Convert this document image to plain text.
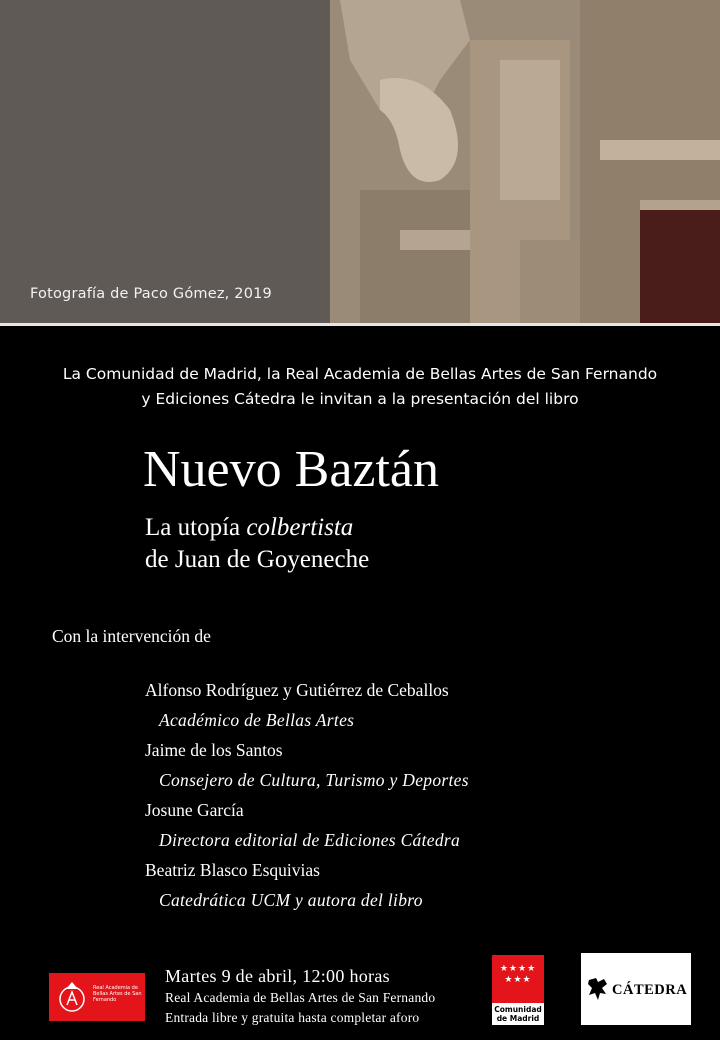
Fotografía de Paco Gómez, 2019
La Comunidad de Madrid, la Real Academia de Bellas Artes de San Fernando
y Ediciones Cátedra le invitan a la presentación del libro
Nuevo Baztán
La utopía colbertista
de Juan de Goyeneche
Con la intervención de
Alfonso Rodríguez y Gutiérrez de Ceballos
Académico de Bellas Artes
Jaime de los Santos
Consejero de Cultura, Turismo y Deportes
Josune García
Directora editorial de Ediciones Cátedra
Beatriz Blasco Esquivias
Catedrática UCM y autora del libro
Real Academia de Bellas Artes de San Fernando
Martes 9 de abril, 12:00 horas
Real Academia de Bellas Artes de San Fernando
Entrada libre y gratuita hasta completar aforo
★★★★
★★★
Comunidad de Madrid
CÁTEDRA
